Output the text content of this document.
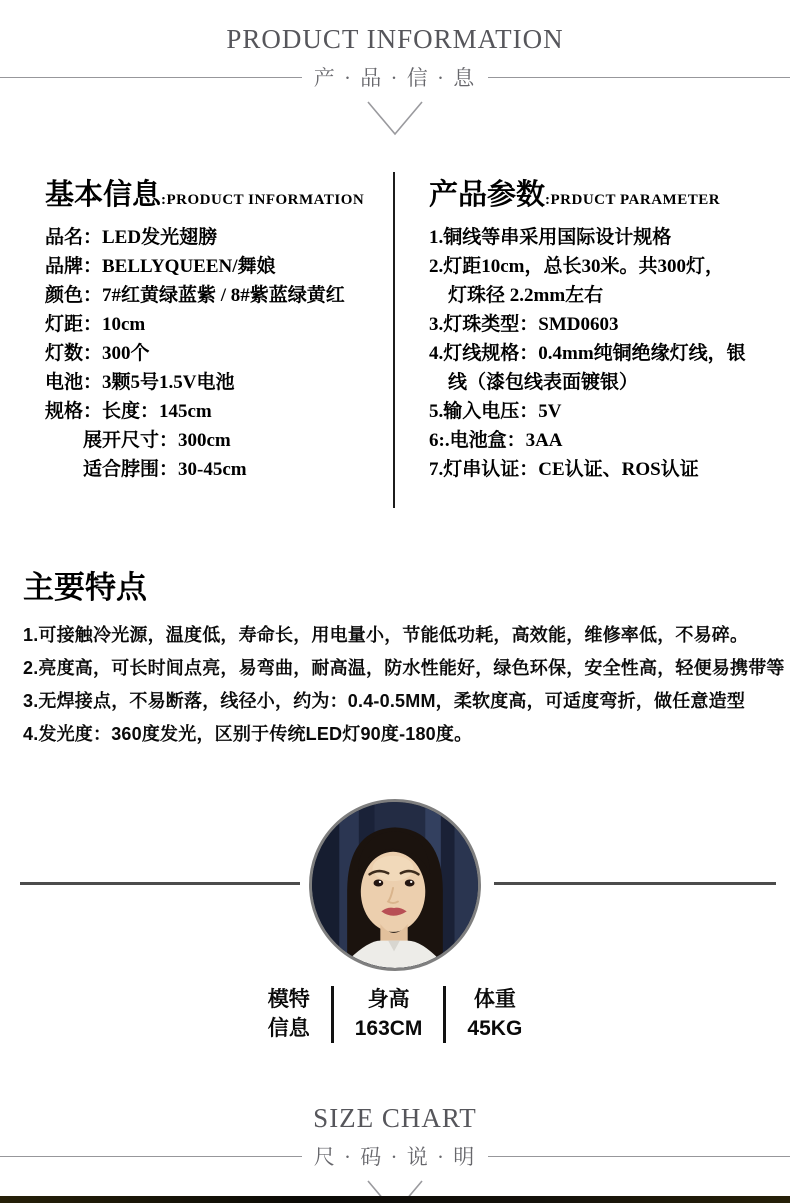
PRODUCT INFORMATION
产 · 品 · 信 · 息
基本信息:PRODUCT INFORMATION
品名：LED发光翅膀
品牌：BELLYQUEEN/舞娘
颜色：7#红黄绿蓝紫 / 8#紫蓝绿黄红
灯距：10cm
灯数：300个
电池：3颗5号1.5V电池
规格：长度：145cm
展开尺寸：300cm
适合脖围：30-45cm
产品参数:PRDUCT PARAMETER
1.铜线等串采用国际设计规格
2.灯距10cm，总长30米。共300灯，
灯珠径 2.2mm左右
3.灯珠类型：SMD0603
4.灯线规格：0.4mm纯铜绝缘灯线，银
线（漆包线表面镀银）
5.输入电压：5V
6:.电池盒：3AA
7.灯串认证：CE认证、ROS认证
主要特点
1.可接触冷光源，温度低，寿命长，用电量小，节能低功耗，高效能，维修率低，不易碎。
2.亮度高，可长时间点亮，易弯曲，耐高温，防水性能好，绿色环保，安全性高，轻便易携带等
3.无焊接点，不易断落，线径小，约为：0.4-0.5MM，柔软度高，可适度弯折，做任意造型
4.发光度：360度发光，区别于传统LED灯90度-180度。
模特
信息
身高
163CM
体重
45KG
SIZE CHART
尺 · 码 · 说 · 明
